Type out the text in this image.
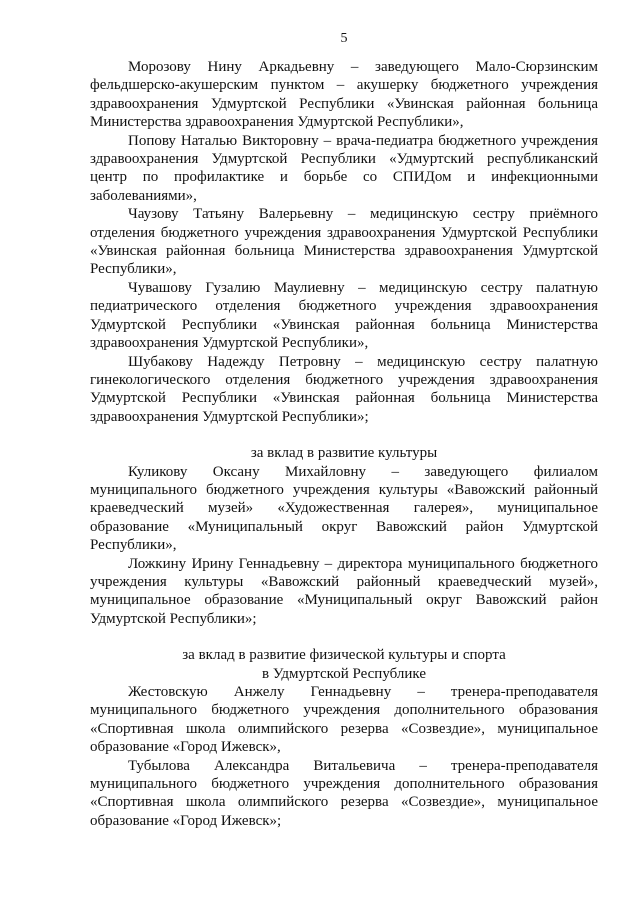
5

Морозову Нину Аркадьевну – заведующего Мало-Сюрзинским фельдшерско-акушерским пунктом – акушерку бюджетного учреждения здравоохранения Удмуртской Республики «Увинская районная больница Министерства здравоохранения Удмуртской Республики»,

Попову Наталью Викторовну – врача-педиатра бюджетного учреждения здравоохранения Удмуртской Республики «Удмуртский республиканский центр по профилактике и борьбе со СПИДом и инфекционными заболеваниями»,

Чаузову Татьяну Валерьевну – медицинскую сестру приёмного отделения бюджетного учреждения здравоохранения Удмуртской Республики «Увинская районная больница Министерства здравоохранения Удмуртской Республики»,

Чувашову Гузалию Маулиевну – медицинскую сестру палатную педиатрического отделения бюджетного учреждения здравоохранения Удмуртской Республики «Увинская районная больница Министерства здравоохранения Удмуртской Республики»,

Шубакову Надежду Петровну – медицинскую сестру палатную гинекологического отделения бюджетного учреждения здравоохранения Удмуртской Республики «Увинская районная больница Министерства здравоохранения Удмуртской Республики»;

за вклад в развитие культуры

Куликову Оксану Михайловну – заведующего филиалом муниципального бюджетного учреждения культуры «Вавожский районный краеведческий музей» «Художественная галерея», муниципальное образование «Муниципальный округ Вавожский район Удмуртской Республики»,

Ложкину Ирину Геннадьевну – директора муниципального бюджетного учреждения культуры «Вавожский районный краеведческий музей», муниципальное образование «Муниципальный округ Вавожский район Удмуртской Республики»;

за вклад в развитие физической культуры и спорта

в Удмуртской Республике

Жестовскую Анжелу Геннадьевну – тренера-преподавателя муниципального бюджетного учреждения дополнительного образования «Спортивная школа олимпийского резерва «Созвездие», муниципальное образование «Город Ижевск»,

Тубылова Александра Витальевича – тренера-преподавателя муниципального бюджетного учреждения дополнительного образования «Спортивная школа олимпийского резерва «Созвездие», муниципальное образование «Город Ижевск»;
